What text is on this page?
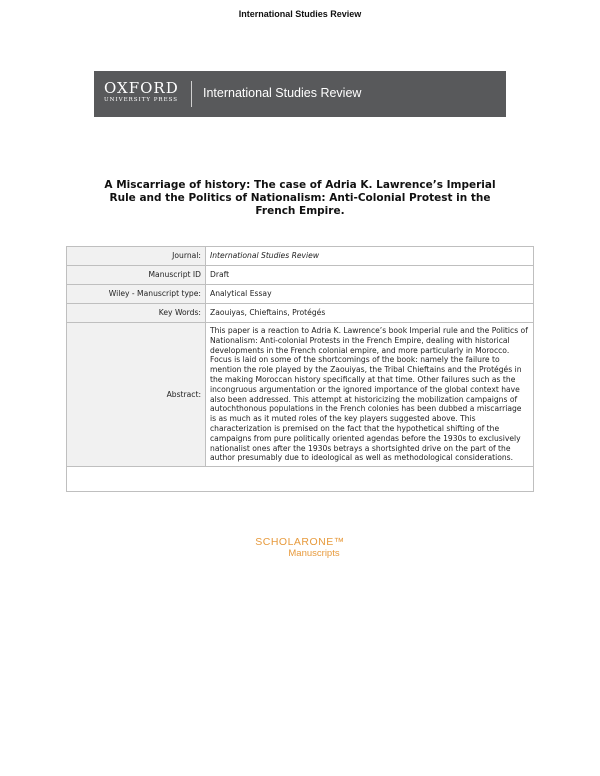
International Studies Review
OXFORD
UNIVERSITY PRESS	International Studies Review
A Miscarriage of history: The case of Adria K. Lawrence’s Imperial Rule and the Politics of Nationalism: Anti-Colonial Protest in the French Empire.
Journal:	International Studies Review
Manuscript ID	Draft
Wiley - Manuscript type:	Analytical Essay
Key Words:	Zaouiyas, Chieftains, Protégés
Abstract:	This paper is a reaction to Adria K. Lawrence’s book Imperial rule and the Politics of Nationalism: Anti-colonial Protests in the French Empire, dealing with historical developments in the French colonial empire, and more particularly in Morocco. Focus is laid on some of the shortcomings of the book: namely the failure to mention the role played by the Zaouiyas, the Tribal Chieftains and the Protégés in the making Moroccan history specifically at that time. Other failures such as the incongruous argumentation or the ignored importance of the global context have also been addressed. This attempt at historicizing the mobilization campaigns of autochthonous populations in the French colonies has been dubbed a miscarriage is as much as it muted roles of the key players suggested above. This characterization is premised on the fact that the hypothetical shifting of the campaigns from pure politically oriented agendas before the 1930s to exclusively nationalist ones after the 1930s betrays a shortsighted drive on the part of the author presumably due to ideological as well as methodological considerations.

SCHOLARONE™
Manuscripts
